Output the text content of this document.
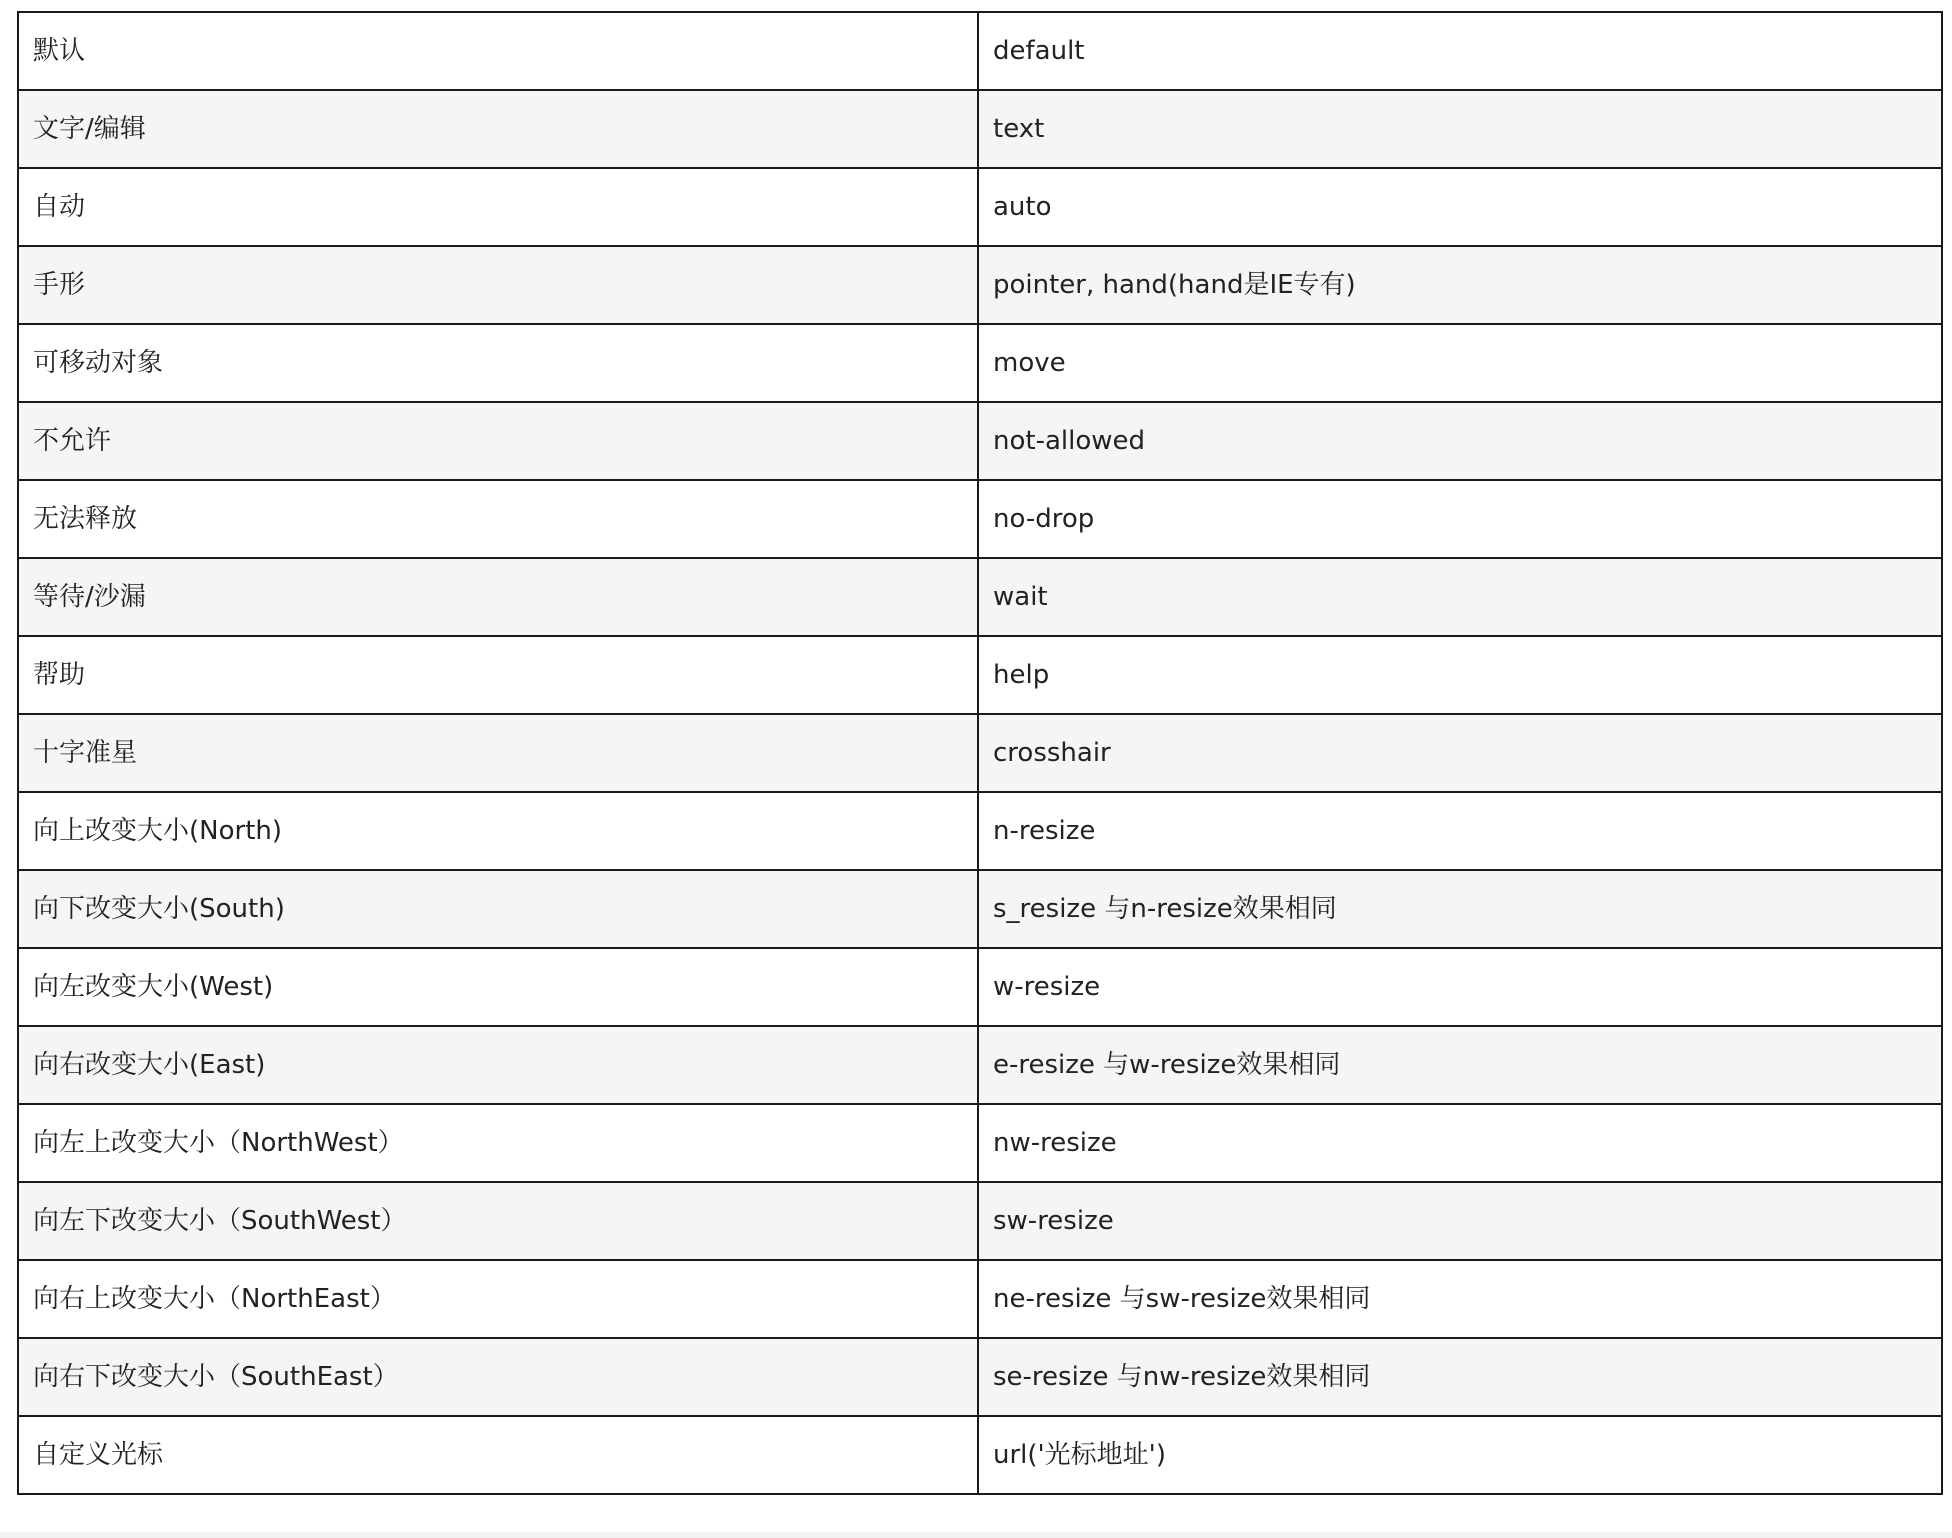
默认	default
文字/编辑	text
自动	auto
手形	pointer, hand(hand是IE专有)
可移动对象	move
不允许	not-allowed
无法释放	no-drop
等待/沙漏	wait
帮助	help
十字准星	crosshair
向上改变大小(North)	n-resize
向下改变大小(South)	s_resize 与n-resize效果相同
向左改变大小(West)	w-resize
向右改变大小(East)	e-resize 与w-resize效果相同
向左上改变大小（NorthWest）	nw-resize
向左下改变大小（SouthWest）	sw-resize
向右上改变大小（NorthEast）	ne-resize 与sw-resize效果相同
向右下改变大小（SouthEast）	se-resize 与nw-resize效果相同
自定义光标	url('光标地址')
